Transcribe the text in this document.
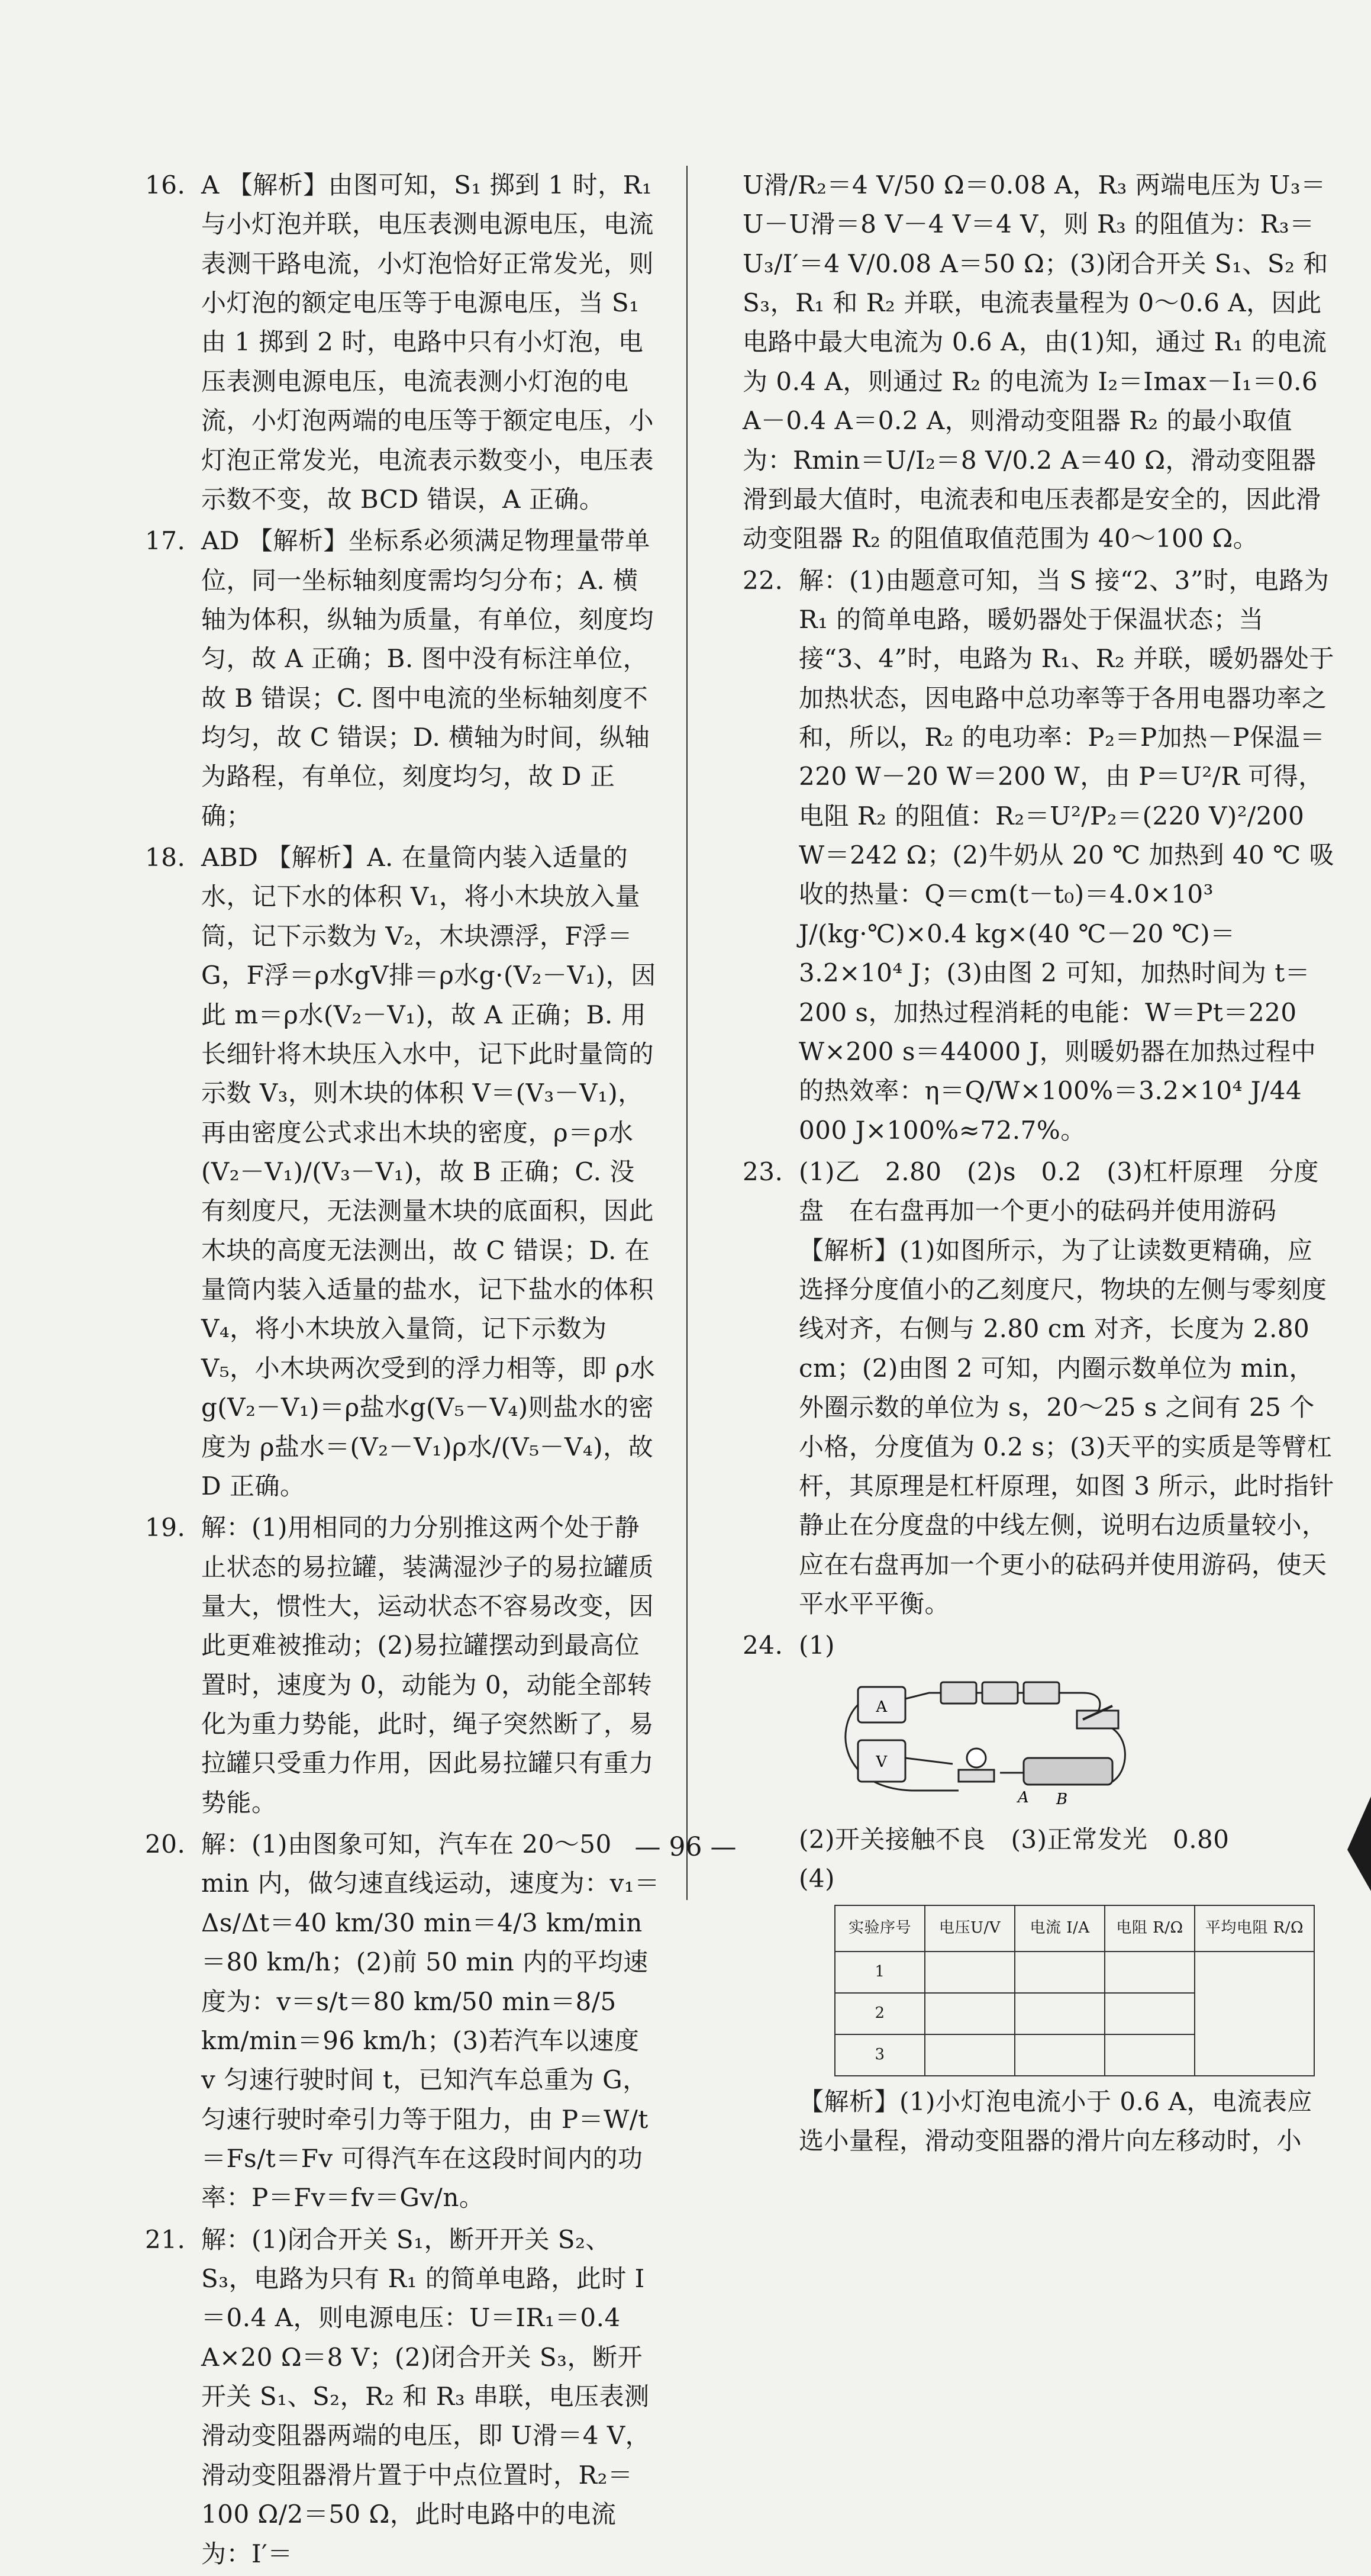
16. A 【解析】由图可知，S₁ 掷到 1 时，R₁ 与小灯泡并联，电压表测电源电压，电流表测干路电流，小灯泡恰好正常发光，则小灯泡的额定电压等于电源电压，当 S₁ 由 1 掷到 2 时，电路中只有小灯泡，电压表测电源电压，电流表测小灯泡的电流，小灯泡两端的电压等于额定电压，小灯泡正常发光，电流表示数变小，电压表示数不变，故 BCD 错误，A 正确。

17. AD 【解析】坐标系必须满足物理量带单位，同一坐标轴刻度需均匀分布；A. 横轴为体积，纵轴为质量，有单位，刻度均匀，故 A 正确；B. 图中没有标注单位，故 B 错误；C. 图中电流的坐标轴刻度不均匀，故 C 错误；D. 横轴为时间，纵轴为路程，有单位，刻度均匀，故 D 正确；

18. ABD 【解析】A. 在量筒内装入适量的水，记下水的体积 V₁，将小木块放入量筒，记下示数为 V₂，木块漂浮，F浮＝G，F浮＝ρ水gV排＝ρ水g·(V₂－V₁)，因此 m＝ρ水(V₂－V₁)，故 A 正确；B. 用长细针将木块压入水中，记下此时量筒的示数 V₃，则木块的体积 V＝(V₃－V₁)，再由密度公式求出木块的密度，ρ＝ρ水(V₂－V₁)/(V₃－V₁)，故 B 正确；C. 没有刻度尺，无法测量木块的底面积，因此木块的高度无法测出，故 C 错误；D. 在量筒内装入适量的盐水，记下盐水的体积 V₄，将小木块放入量筒，记下示数为 V₅，小木块两次受到的浮力相等，即 ρ水g(V₂－V₁)＝ρ盐水g(V₅－V₄)则盐水的密度为 ρ盐水＝(V₂－V₁)ρ水/(V₅－V₄)，故 D 正确。

19. 解：(1)用相同的力分别推这两个处于静止状态的易拉罐，装满湿沙子的易拉罐质量大，惯性大，运动状态不容易改变，因此更难被推动；(2)易拉罐摆动到最高位置时，速度为 0，动能为 0，动能全部转化为重力势能，此时，绳子突然断了，易拉罐只受重力作用，因此易拉罐只有重力势能。

20. 解：(1)由图象可知，汽车在 20～50 min 内，做匀速直线运动，速度为：v₁＝Δs/Δt＝40 km/30 min＝4/3 km/min＝80 km/h；(2)前 50 min 内的平均速度为：v＝s/t＝80 km/50 min＝8/5 km/min＝96 km/h；(3)若汽车以速度 v 匀速行驶时间 t，已知汽车总重为 G，匀速行驶时牵引力等于阻力，由 P＝W/t＝Fs/t＝Fv 可得汽车在这段时间内的功率：P＝Fv＝fv＝Gv/n。

21. 解：(1)闭合开关 S₁，断开开关 S₂、S₃，电路为只有 R₁ 的简单电路，此时 I＝0.4 A，则电源电压：U＝IR₁＝0.4 A×20 Ω＝8 V；(2)闭合开关 S₃，断开开关 S₁、S₂，R₂ 和 R₃ 串联，电压表测滑动变阻器两端的电压，即 U滑＝4 V，滑动变阻器滑片置于中点位置时，R₂＝100 Ω/2＝50 Ω，此时电路中的电流为：I′＝

U滑/R₂＝4 V/50 Ω＝0.08 A，R₃ 两端电压为 U₃＝U－U滑＝8 V－4 V＝4 V，则 R₃ 的阻值为：R₃＝U₃/I′＝4 V/0.08 A＝50 Ω；(3)闭合开关 S₁、S₂ 和 S₃，R₁ 和 R₂ 并联，电流表量程为 0～0.6 A，因此电路中最大电流为 0.6 A，由(1)知，通过 R₁ 的电流为 0.4 A，则通过 R₂ 的电流为 I₂＝Imax－I₁＝0.6 A－0.4 A＝0.2 A，则滑动变阻器 R₂ 的最小取值为：Rmin＝U/I₂＝8 V/0.2 A＝40 Ω，滑动变阻器滑到最大值时，电流表和电压表都是安全的，因此滑动变阻器 R₂ 的阻值取值范围为 40～100 Ω。

22. 解：(1)由题意可知，当 S 接“2、3”时，电路为 R₁ 的简单电路，暖奶器处于保温状态；当接“3、4”时，电路为 R₁、R₂ 并联，暖奶器处于加热状态，因电路中总功率等于各用电器功率之和，所以，R₂ 的电功率：P₂＝P加热－P保温＝220 W－20 W＝200 W，由 P＝U²/R 可得，电阻 R₂ 的阻值：R₂＝U²/P₂＝(220 V)²/200 W＝242 Ω；(2)牛奶从 20 ℃ 加热到 40 ℃ 吸收的热量：Q＝cm(t－t₀)＝4.0×10³ J/(kg·℃)×0.4 kg×(40 ℃－20 ℃)＝3.2×10⁴ J；(3)由图 2 可知，加热时间为 t＝200 s，加热过程消耗的电能：W＝Pt＝220 W×200 s＝44000 J，则暖奶器在加热过程中的热效率：η＝Q/W×100%＝3.2×10⁴ J/44 000 J×100%≈72.7%。

23. (1)乙　2.80　(2)s　0.2　(3)杠杆原理　分度盘　在右盘再加一个更小的砝码并使用游码 【解析】(1)如图所示，为了让读数更精确，应选择分度值小的乙刻度尺，物块的左侧与零刻度线对齐，右侧与 2.80 cm 对齐，长度为 2.80 cm；(2)由图 2 可知，内圈示数单位为 min，外圈示数的单位为 s，20～25 s 之间有 25 个小格，分度值为 0.2 s；(3)天平的实质是等臂杠杆，其原理是杠杆原理，如图 3 所示，此时指针静止在分度盘的中线左侧，说明右边质量较小，应在右盘再加一个更小的砝码并使用游码，使天平水平平衡。

24. (1)

A
V
A B

(2)开关接触不良　(3)正常发光　0.80

(4)

实验序号	电压U/V	电流 I/A	电阻 R/Ω	平均电阻 R/Ω
1				
2				
3				

【解析】(1)小灯泡电流小于 0.6 A，电流表应选小量程，滑动变阻器的滑片向左移动时，小

— 96 —
